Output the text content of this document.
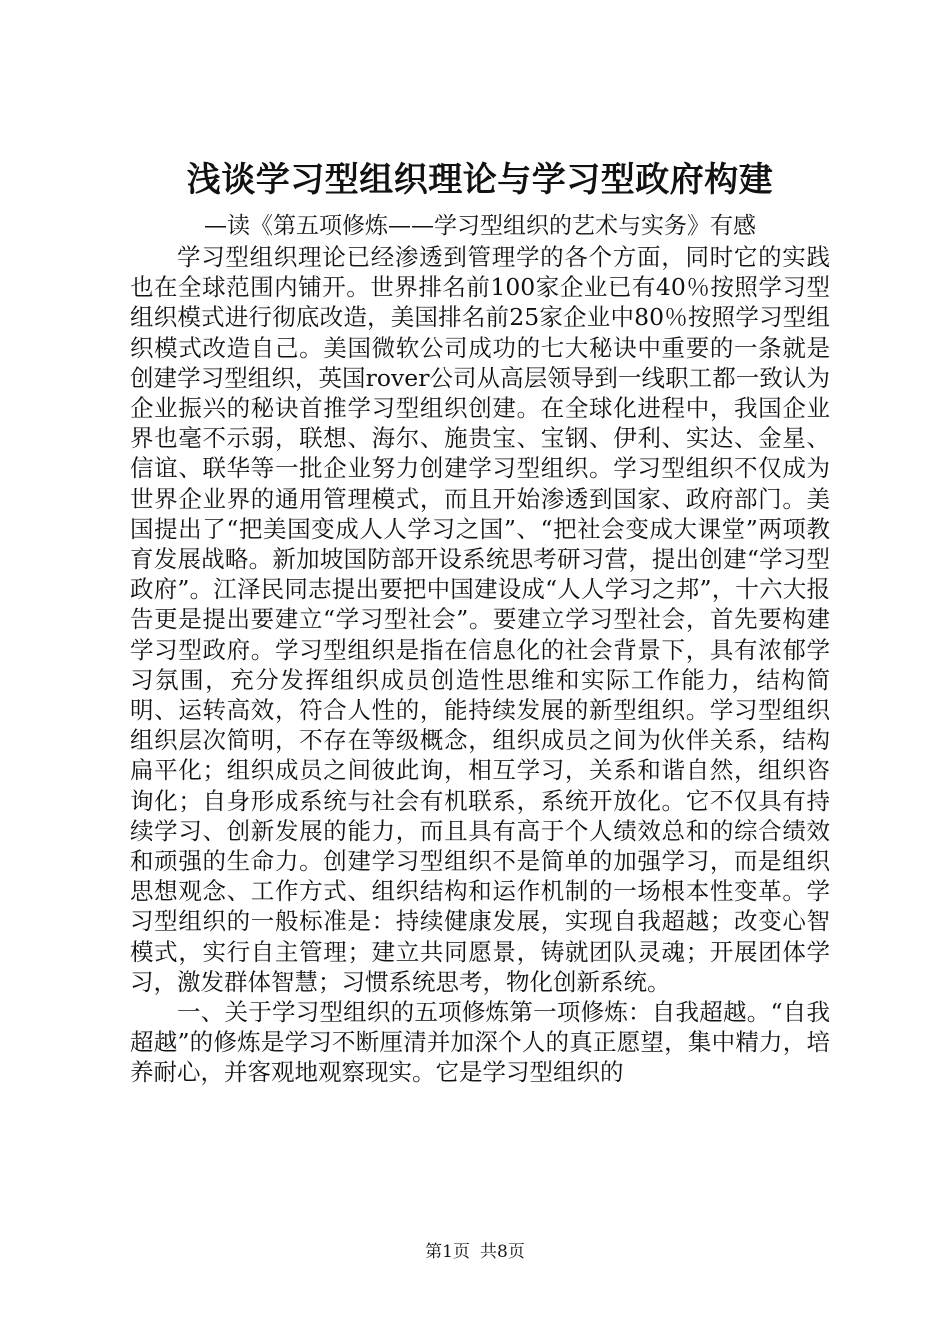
浅谈学习型组织理论与学习型政府构建

—读《第五项修炼——学习型组织的艺术与实务》有感

学习型组织理论已经渗透到管理学的各个方面，同时它的实践也在全球范围内铺开。世界排名前100家企业已有40％按照学习型组织模式进行彻底改造，美国排名前25家企业中80％按照学习型组织模式改造自己。美国微软公司成功的七大秘诀中重要的一条就是创建学习型组织，英国rover公司从高层领导到一线职工都一致认为企业振兴的秘诀首推学习型组织创建。在全球化进程中，我国企业界也毫不示弱，联想、海尔、施贵宝、宝钢、伊利、实达、金星、信谊、联华等一批企业努力创建学习型组织。学习型组织不仅成为世界企业界的通用管理模式，而且开始渗透到国家、政府部门。美国提出了“把美国变成人人学习之国”、“把社会变成大课堂”两项教育发展战略。新加坡国防部开设系统思考研习营，提出创建“学习型政府”。江泽民同志提出要把中国建设成“人人学习之邦”，十六大报告更是提出要建立“学习型社会”。要建立学习型社会，首先要构建学习型政府。学习型组织是指在信息化的社会背景下，具有浓郁学习氛围，充分发挥组织成员创造性思维和实际工作能力，结构简明、运转高效，符合人性的，能持续发展的新型组织。学习型组织组织层次简明，不存在等级概念，组织成员之间为伙伴关系，结构扁平化；组织成员之间彼此询，相互学习，关系和谐自然，组织咨询化；自身形成系统与社会有机联系，系统开放化。它不仅具有持续学习、创新发展的能力，而且具有高于个人绩效总和的综合绩效和顽强的生命力。创建学习型组织不是简单的加强学习，而是组织思想观念、工作方式、组织结构和运作机制的一场根本性变革。学习型组织的一般标准是：持续健康发展，实现自我超越；改变心智模式，实行自主管理；建立共同愿景，铸就团队灵魂；开展团体学习，激发群体智慧；习惯系统思考，物化创新系统。

一、关于学习型组织的五项修炼第一项修炼：自我超越。“自我超越”的修炼是学习不断厘清并加深个人的真正愿望，集中精力，培养耐心，并客观地观察现实。它是学习型组织的

第1页 共8页
